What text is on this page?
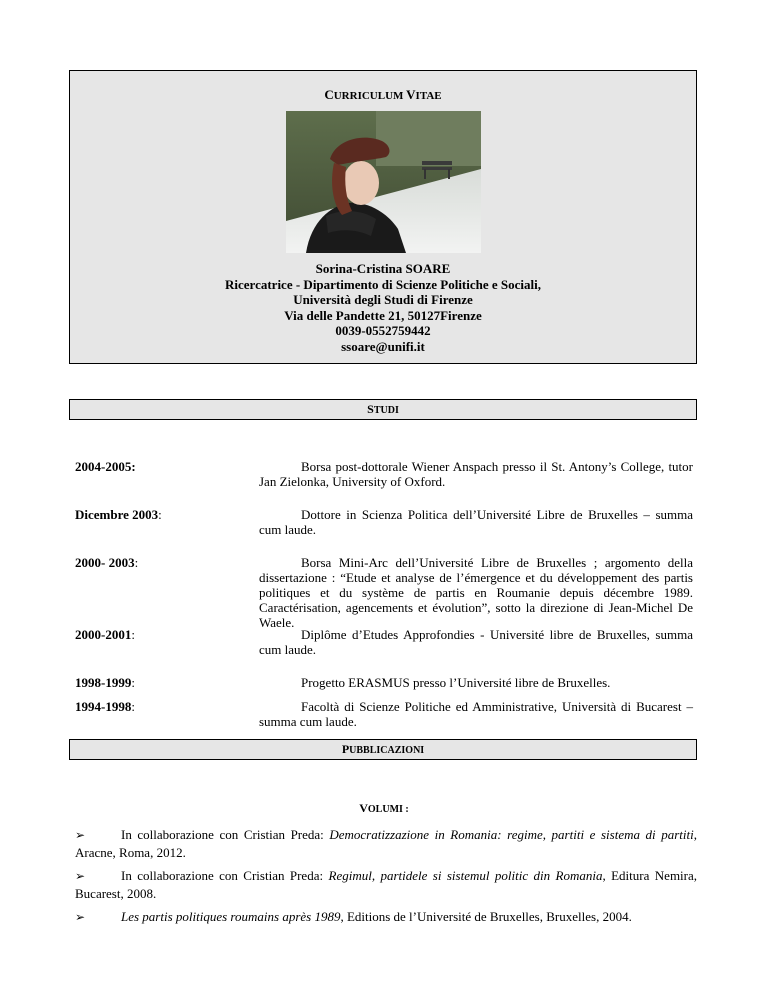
CURRICULUM VITAE
Sorina-Cristina SOARE
Ricercatrice - Dipartimento di Scienze Politiche e Sociali,
Università degli Studi di Firenze
Via delle Pandette 21, 50127Firenze
0039-0552759442
ssoare@unifi.it
STUDI
2004-2005:	Borsa post-dottorale Wiener Anspach presso il St. Antony’s College, tutor Jan Zielonka, University of Oxford.
Dicembre 2003:	Dottore in Scienza Politica dell’Université Libre de Bruxelles – summa cum laude.
2000- 2003:	Borsa Mini-Arc dell’Université Libre de Bruxelles ; argomento della dissertazione : “Etude et analyse de l’émergence et du développement des partis politiques et du système de partis en Roumanie depuis décembre 1989. Caractérisation, agencements et évolution”, sotto la direzione di Jean-Michel De Waele.
2000-2001:	Diplôme d’Etudes Approfondies - Université libre de Bruxelles, summa cum laude.
1998-1999:	Progetto ERASMUS presso l’Université libre de Bruxelles.
1994-1998:	Facoltà di Scienze Politiche ed Amministrative, Università di Bucarest – summa cum laude.
PUBBLICAZIONI
VOLUMI :
➢	In collaborazione con Cristian Preda: Democratizzazione in Romania: regime, partiti e sistema di partiti, Aracne, Roma, 2012.
➢	In collaborazione con Cristian Preda: Regimul, partidele si sistemul politic din Romania, Editura Nemira, Bucarest, 2008.
➢	Les partis politiques roumains après 1989, Editions de l’Université de Bruxelles, Bruxelles, 2004.
